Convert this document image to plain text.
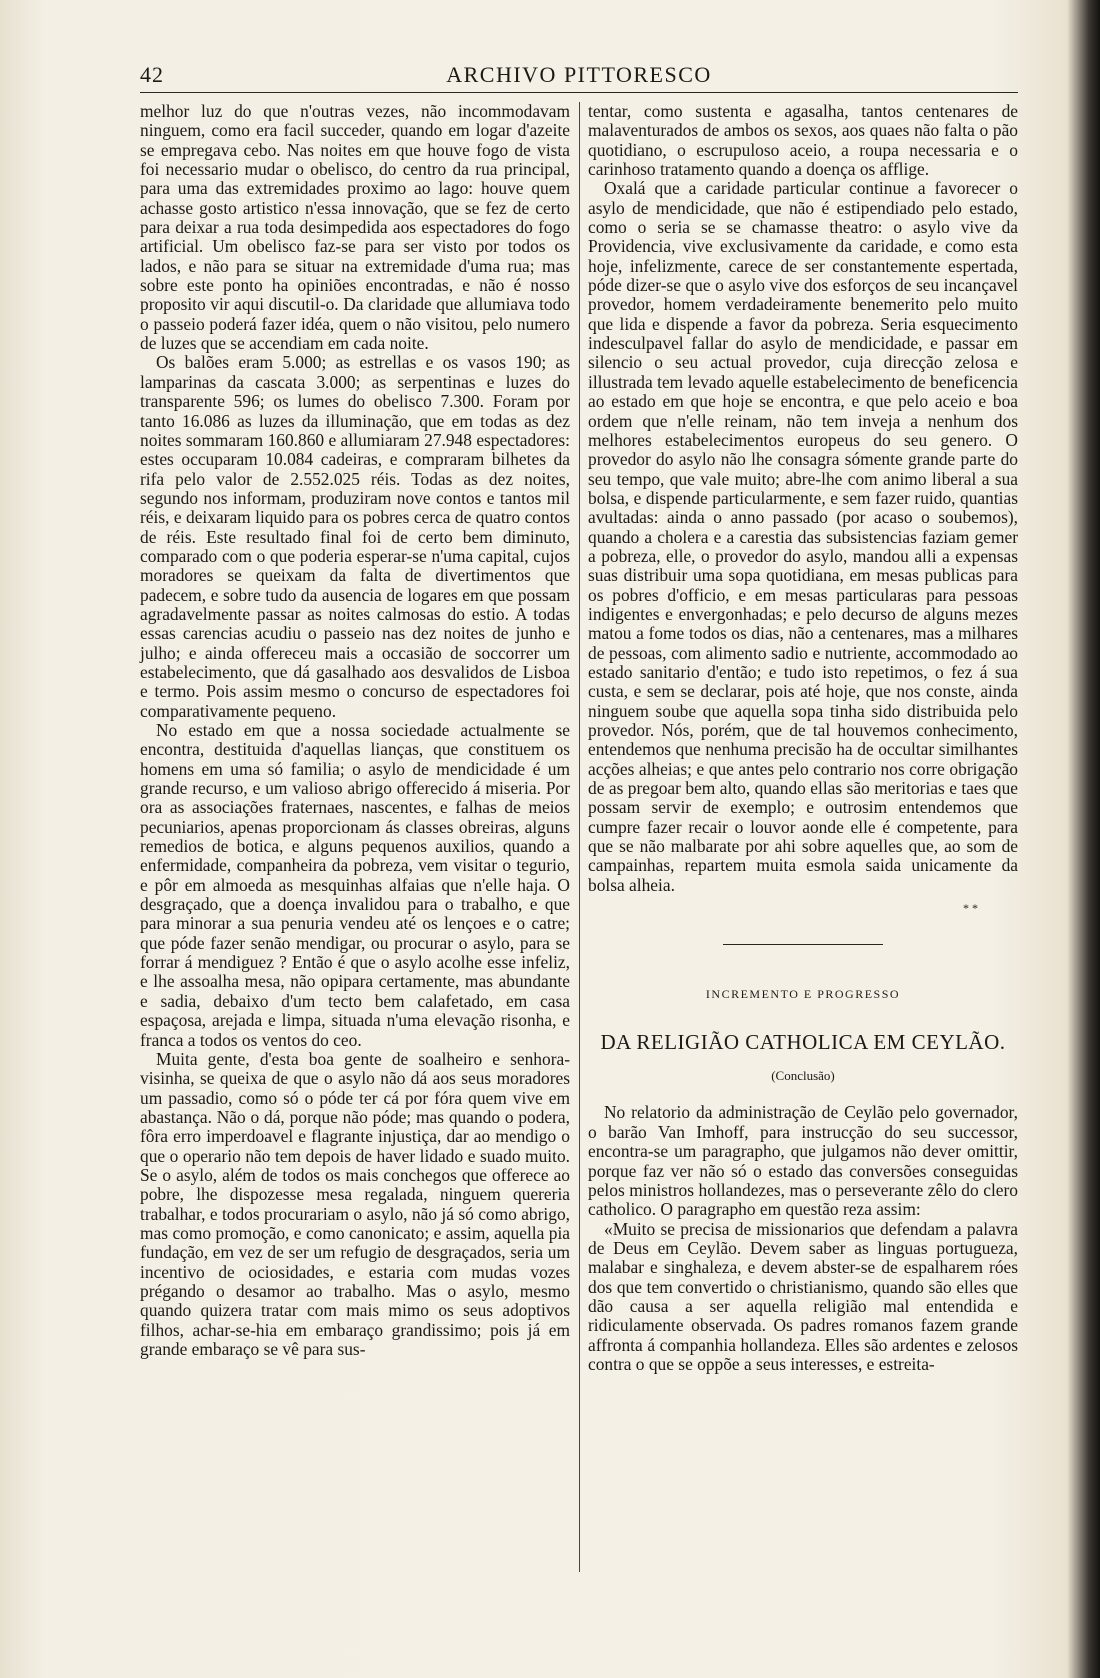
42	ARCHIVO PITTORESCO

melhor luz do que n'outras vezes, não incommodavam ninguem, como era facil succeder, quando em logar d'azeite se empregava cebo. Nas noites em que houve fogo de vista foi necessario mudar o obelisco, do centro da rua principal, para uma das extremidades proximo ao lago: houve quem achasse gosto artistico n'essa innovação, que se fez de certo para deixar a rua toda desimpedida aos espectadores do fogo artificial. Um obelisco faz-se para ser visto por todos os lados, e não para se situar na extremidade d'uma rua; mas sobre este ponto ha opiniões encontradas, e não é nosso proposito vir aqui discutil-o. Da claridade que allumiava todo o passeio poderá fazer idéa, quem o não visitou, pelo numero de luzes que se accendiam em cada noite.

Os balões eram 5.000; as estrellas e os vasos 190; as lamparinas da cascata 3.000; as serpentinas e luzes do transparente 596; os lumes do obelisco 7.300. Foram por tanto 16.086 as luzes da illuminação, que em todas as dez noites sommaram 160.860 e allumiaram 27.948 espectadores: estes occuparam 10.084 cadeiras, e compraram bilhetes da rifa pelo valor de 2.552.025 réis. Todas as dez noites, segundo nos informam, produziram nove contos e tantos mil réis, e deixaram liquido para os pobres cerca de quatro contos de réis. Este resultado final foi de certo bem diminuto, comparado com o que poderia esperar-se n'uma capital, cujos moradores se queixam da falta de divertimentos que padecem, e sobre tudo da ausencia de logares em que possam agradavelmente passar as noites calmosas do estio. A todas essas carencias acudiu o passeio nas dez noites de junho e julho; e ainda offereceu mais a occasião de soccorrer um estabelecimento, que dá gasalhado aos desvalidos de Lisboa e termo. Pois assim mesmo o concurso de espectadores foi comparativamente pequeno.

No estado em que a nossa sociedade actualmente se encontra, destituida d'aquellas lianças, que constituem os homens em uma só familia; o asylo de mendicidade é um grande recurso, e um valioso abrigo offerecido á miseria. Por ora as associações fraternaes, nascentes, e falhas de meios pecuniarios, apenas proporcionam ás classes obreiras, alguns remedios de botica, e alguns pequenos auxilios, quando a enfermidade, companheira da pobreza, vem visitar o tegurio, e pôr em almoeda as mesquinhas alfaias que n'elle haja. O desgraçado, que a doença invalidou para o trabalho, e que para minorar a sua penuria vendeu até os lençoes e o catre; que póde fazer senão mendigar, ou procurar o asylo, para se forrar á mendiguez ? Então é que o asylo acolhe esse infeliz, e lhe assoalha mesa, não opipara certamente, mas abundante e sadia, debaixo d'um tecto bem calafetado, em casa espaçosa, arejada e limpa, situada n'uma elevação risonha, e franca a todos os ventos do ceo.

Muita gente, d'esta boa gente de soalheiro e senhora-visinha, se queixa de que o asylo não dá aos seus moradores um passadio, como só o póde ter cá por fóra quem vive em abastança. Não o dá, porque não póde; mas quando o podera, fôra erro imperdoavel e flagrante injustiça, dar ao mendigo o que o operario não tem depois de haver lidado e suado muito. Se o asylo, além de todos os mais conchegos que offerece ao pobre, lhe dispozesse mesa regalada, ninguem quereria trabalhar, e todos procurariam o asylo, não já só como abrigo, mas como promoção, e como canonicato; e assim, aquella pia fundação, em vez de ser um refugio de desgraçados, seria um incentivo de ociosidades, e estaria com mudas vozes prégando o desamor ao trabalho. Mas o asylo, mesmo quando quizera tratar com mais mimo os seus adoptivos filhos, achar-se-hia em embaraço grandissimo; pois já em grande embaraço se vê para sus-

tentar, como sustenta e agasalha, tantos centenares de malaventurados de ambos os sexos, aos quaes não falta o pão quotidiano, o escrupuloso aceio, a roupa necessaria e o carinhoso tratamento quando a doença os afflige.

Oxalá que a caridade particular continue a favorecer o asylo de mendicidade, que não é estipendiado pelo estado, como o seria se se chamasse theatro: o asylo vive da Providencia, vive exclusivamente da caridade, e como esta hoje, infelizmente, carece de ser constantemente espertada, póde dizer-se que o asylo vive dos esforços de seu incançavel provedor, homem verdadeiramente benemerito pelo muito que lida e dispende a favor da pobreza. Seria esquecimento indesculpavel fallar do asylo de mendicidade, e passar em silencio o seu actual provedor, cuja direcção zelosa e illustrada tem levado aquelle estabelecimento de beneficencia ao estado em que hoje se encontra, e que pelo aceio e boa ordem que n'elle reinam, não tem inveja a nenhum dos melhores estabelecimentos europeus do seu genero. O provedor do asylo não lhe consagra sómente grande parte do seu tempo, que vale muito; abre-lhe com animo liberal a sua bolsa, e dispende particularmente, e sem fazer ruido, quantias avultadas: ainda o anno passado (por acaso o soubemos), quando a cholera e a carestia das subsistencias faziam gemer a pobreza, elle, o provedor do asylo, mandou alli a expensas suas distribuir uma sopa quotidiana, em mesas publicas para os pobres d'officio, e em mesas particularas para pessoas indigentes e envergonhadas; e pelo decurso de alguns mezes matou a fome todos os dias, não a centenares, mas a milhares de pessoas, com alimento sadio e nutriente, accommodado ao estado sanitario d'então; e tudo isto repetimos, o fez á sua custa, e sem se declarar, pois até hoje, que nos conste, ainda ninguem soube que aquella sopa tinha sido distribuida pelo provedor. Nós, porém, que de tal houvemos conhecimento, entendemos que nenhuma precisão ha de occultar similhantes acções alheias; e que antes pelo contrario nos corre obrigação de as pregoar bem alto, quando ellas são meritorias e taes que possam servir de exemplo; e outrosim entendemos que cumpre fazer recair o louvor aonde elle é competente, para que se não malbarate por ahi sobre aquelles que, ao som de campainhas, repartem muita esmola saida unicamente da bolsa alheia.

* *
INCREMENTO E PROGRESSO
DA RELIGIÃO CATHOLICA EM CEYLÃO.
(Conclusão)

No relatorio da administração de Ceylão pelo governador, o barão Van Imhoff, para instrucção do seu successor, encontra-se um paragrapho, que julgamos não dever omittir, porque faz ver não só o estado das conversões conseguidas pelos ministros hollandezes, mas o perseverante zêlo do clero catholico. O paragrapho em questão reza assim:

«Muito se precisa de missionarios que defendam a palavra de Deus em Ceylão. Devem saber as linguas portugueza, malabar e singhaleza, e devem abster-se de espalharem róes dos que tem convertido o christianismo, quando são elles que dão causa a ser aquella religião mal entendida e ridiculamente observada. Os padres romanos fazem grande affronta á companhia hollandeza. Elles são ardentes e zelosos contra o que se oppõe a seus interesses, e estreita-
